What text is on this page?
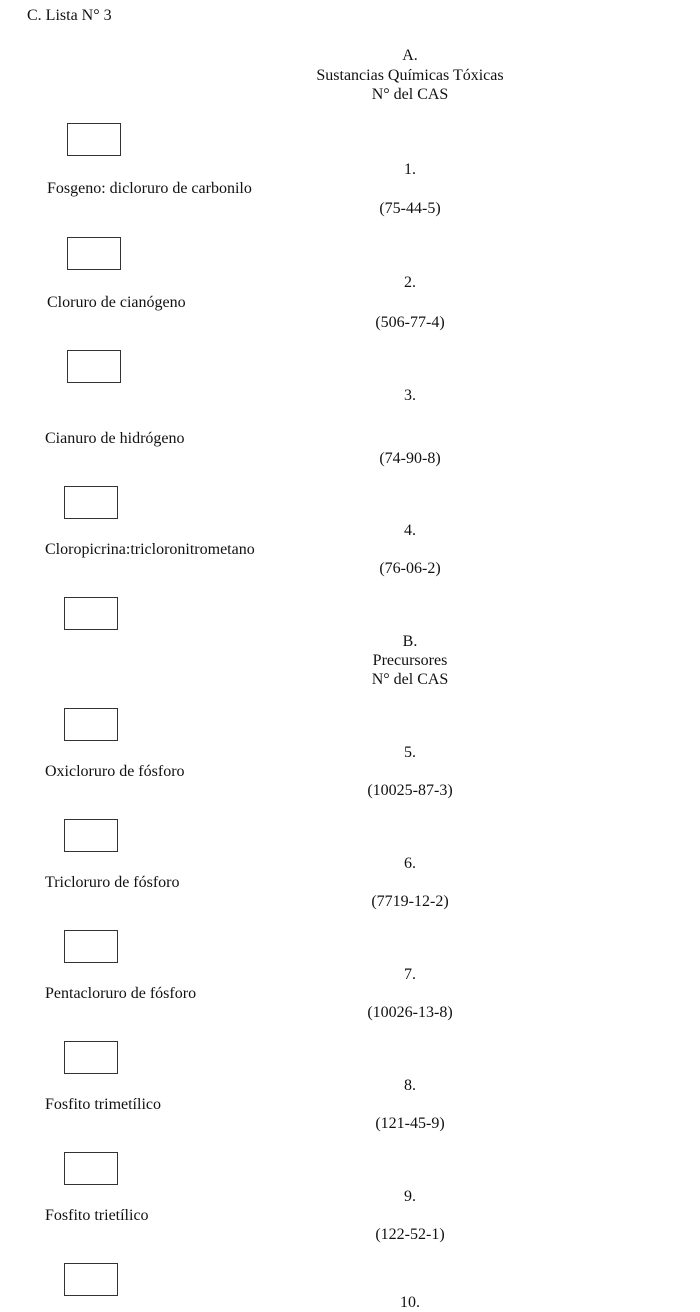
C. Lista N° 3
A.
Sustancias Químicas Tóxicas
N° del CAS
1.
Fosgeno: dicloruro de carbonilo
(75-44-5)
2.
Cloruro de cianógeno
(506-77-4)
3.
Cianuro de hidrógeno
(74-90-8)
4.
Cloropicrina:tricloronitrometano
(76-06-2)
B.
Precursores
N° del CAS
5.
Oxicloruro de fósforo
(10025-87-3)
6.
Tricloruro de fósforo
(7719-12-2)
7.
Pentacloruro de fósforo
(10026-13-8)
8.
Fosfito trimetílico
(121-45-9)
9.
Fosfito trietílico
(122-52-1)
10.
